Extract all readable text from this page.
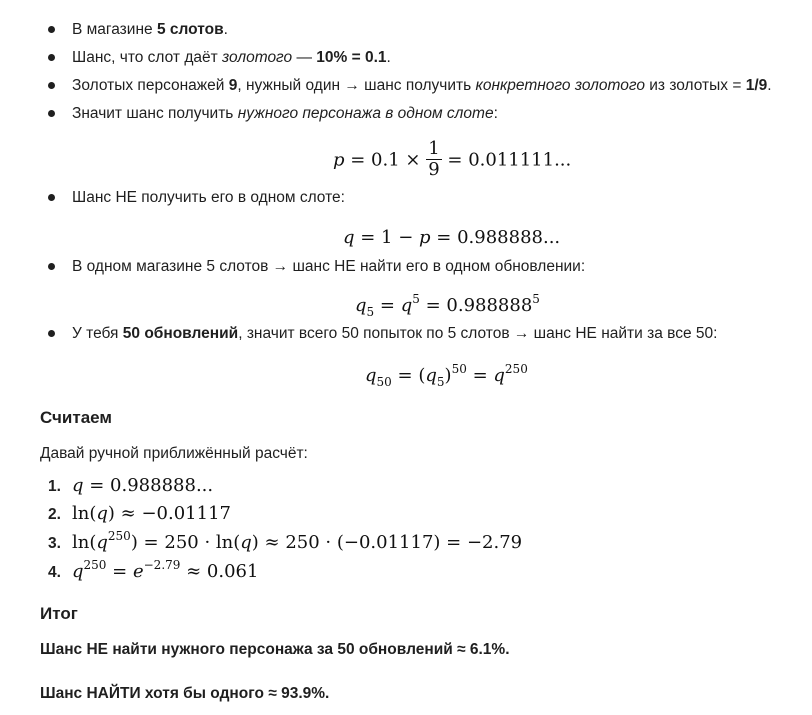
В магазине 5 слотов.
Шанс, что слот даёт золотого — 10% = 0.1.
Золотых персонажей 9, нужный один → шанс получить конкретного золотого из золотых = 1/9.
Значит шанс получить нужного персонажа в одном слоте:
$p = 0.1 \times \frac{1}{9} = 0.011111$...
Шанс НЕ получить его в одном слоте:
q = 1 − p = 0.988888...
В одном магазине 5 слотов → шанс НЕ найти его в одном обновлении:
$q_5 = q^5 = 0.988888^5$
У тебя 50 обновлений, значит всего 50 попыток по 5 слотов → шанс НЕ найти за все 50:
$q_{50} = (q_5)^{50} = q^{250}$
Считаем
Давай ручной приближённый расчёт:
1. q = 0.988888...
2. ln(q) ≈ −0.01117
3. $\ln(q^{250}) = 250 \cdot \ln(q) \approx 250 \cdot (-0.01117) = -2.79$
4. $q^{250} = e^{-2.79} \approx 0.061$
Итог
Шанс НЕ найти нужного персонажа за 50 обновлений ≈ 6.1%.
Шанс НАЙТИ хотя бы одного ≈ 93.9%.
